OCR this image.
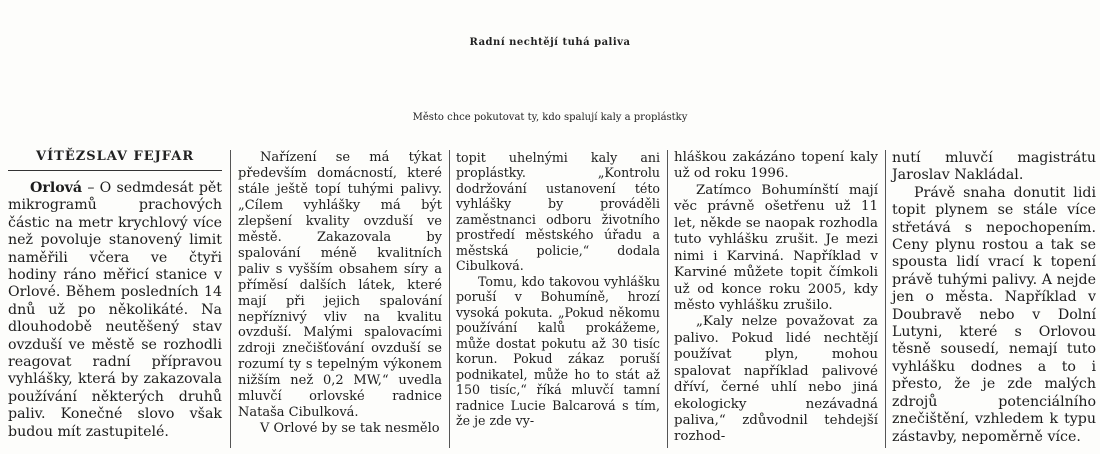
Radní nechtějí tuhá paliva
Město chce pokutovat ty, kdo spalují kaly a proplástky
VÍTĚZSLAV FEJFAR

Orlová – O sedmdesát pět mikrogramů prachových částic na metr krychlový více než povoluje stanovený limit naměřili včera ve čtyři hodiny ráno měřicí stanice v Orlové. Během posledních 14 dnů už po několikáté. Na dlouhodobě neutěšený stav ovzduší ve městě se rozhodli reagovat radní přípravou vyhlášky, která by zakazovala používání některých druhů paliv. Konečné slovo však budou mít zastupitelé.

Nařízení se má týkat především domácností, které stále ještě topí tuhými palivy. „Cílem vyhlášky má být zlepšení kvality ovzduší ve městě. Zakazovala by spalování méně kvalitních paliv s vyšším obsahem síry a příměsí dalších látek, které mají při jejich spalování nepříznivý vliv na kvalitu ovzduší. Malými spalovacími zdroji znečišťování ovzduší se rozumí ty s tepelným výkonem nižším než 0,2 MW,“ uvedla mluvčí orlovské radnice Nataša Cibulková.

V Orlové by se tak nesmělo

topit uhelnými kaly ani proplástky. „Kontrolu dodržování ustanovení této vyhlášky by prováděli zaměstnanci odboru životního prostředí městského úřadu a městská policie,“ dodala Cibulková.

Tomu, kdo takovou vyhlášku poruší v Bohumíně, hrozí vysoká pokuta. „Pokud někomu používání kalů prokážeme, může dostat pokutu až 30 tisíc korun. Pokud zákaz poruší podnikatel, může ho to stát až 150 tisíc,“ říká mluvčí tamní radnice Lucie Balcarová s tím, že je zde vy-

hláškou zakázáno topení kaly už od roku 1996.

Zatímco Bohumínští mají věc právně ošetřenu už 11 let, někde se naopak rozhodla tuto vyhlášku zrušit. Je mezi nimi i Karviná. Například v Karviné můžete topit čímkoli už od konce roku 2005, kdy město vyhlášku zrušilo.

„Kaly nelze považovat za palivo. Pokud lidé nechtějí používat plyn, mohou spalovat například palivové dříví, černé uhlí nebo jiná ekologicky nezávadná paliva,“ zdůvodnil tehdejší rozhod-

nutí mluvčí magistrátu Jaroslav Nakládal.

Právě snaha donutit lidi topit plynem se stále více střetává s nepochopením. Ceny plynu rostou a tak se spousta lidí vrací k topení právě tuhými palivy. A nejde jen o města. Například v Doubravě nebo v Dolní Lutyni, které s Orlovou těsně sousedí, nemají tuto vyhlášku dodnes a to i přesto, že je zde malých zdrojů potenciálního znečištění, vzhledem k typu zástavby, nepoměrně více.
